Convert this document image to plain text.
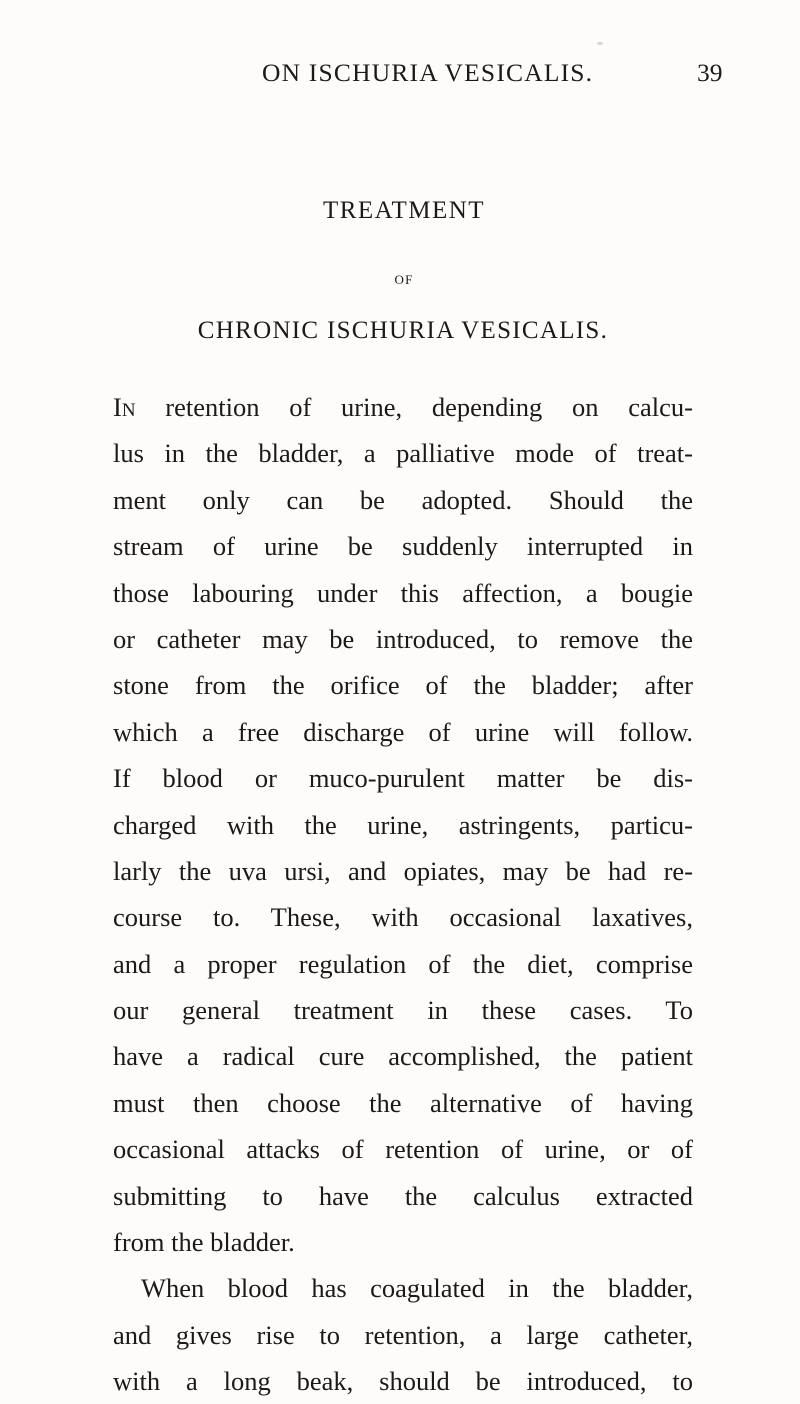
ON ISCHURIA VESICALIS.	39
TREATMENT
OF
CHRONIC ISCHURIA VESICALIS.
In retention of urine, depending on calcu-
lus in the bladder, a palliative mode of treat-
ment only can be adopted. Should the
stream of urine be suddenly interrupted in
those labouring under this affection, a bougie
or catheter may be introduced, to remove the
stone from the orifice of the bladder; after
which a free discharge of urine will follow.
If blood or muco-purulent matter be dis-
charged with the urine, astringents, particu-
larly the uva ursi, and opiates, may be had re-
course to. These, with occasional laxatives,
and a proper regulation of the diet, comprise
our general treatment in these cases. To
have a radical cure accomplished, the patient
must then choose the alternative of having
occasional attacks of retention of urine, or of
submitting to have the calculus extracted
from the bladder.
When blood has coagulated in the bladder,
and gives rise to retention, a large catheter,
with a long beak, should be introduced, to
